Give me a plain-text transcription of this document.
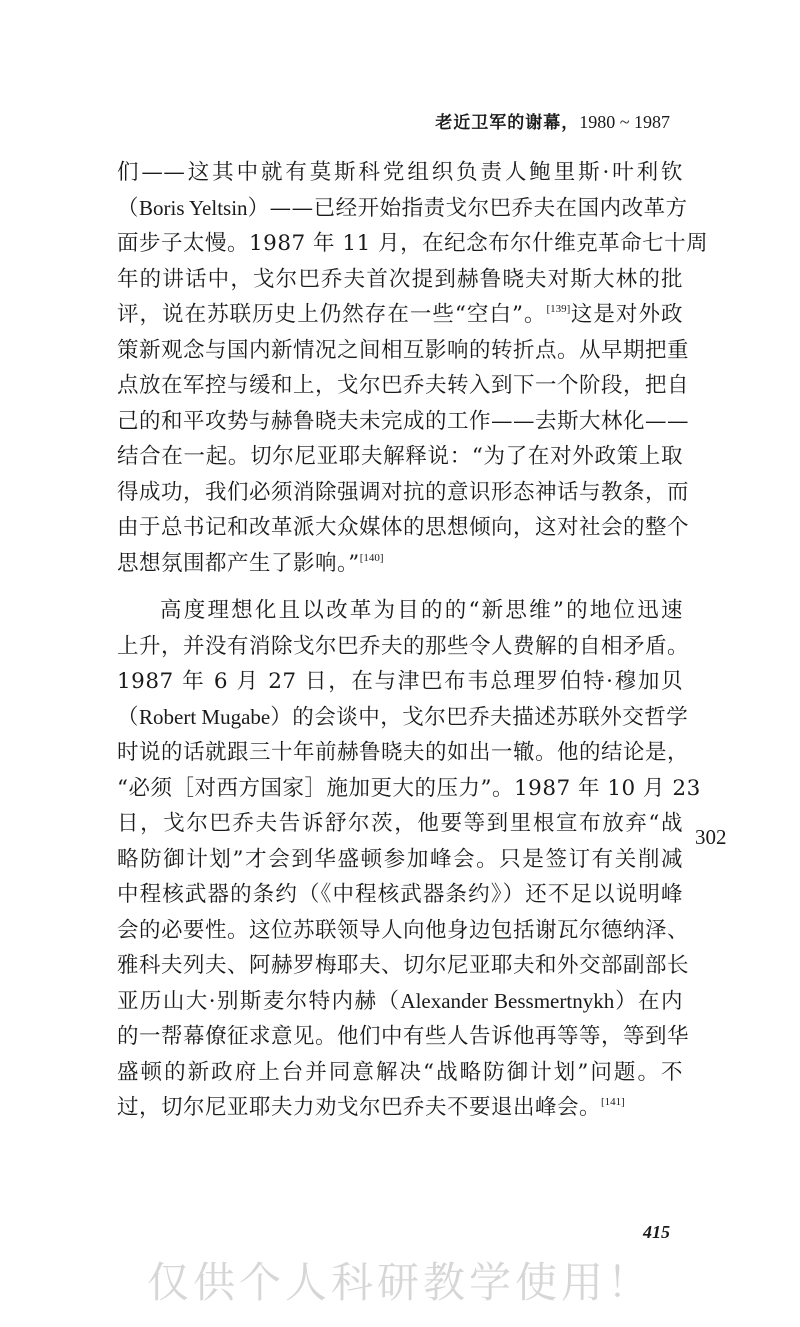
老近卫军的谢幕，1980 ~ 1987
们——这其中就有莫斯科党组织负责人鲍里斯·叶利钦
（Boris Yeltsin）——已经开始指责戈尔巴乔夫在国内改革方
面步子太慢。1987 年 11 月，在纪念布尔什维克革命七十周
年的讲话中，戈尔巴乔夫首次提到赫鲁晓夫对斯大林的批
评，说在苏联历史上仍然存在一些“空白”。[139]这是对外政
策新观念与国内新情况之间相互影响的转折点。从早期把重
点放在军控与缓和上，戈尔巴乔夫转入到下一个阶段，把自
己的和平攻势与赫鲁晓夫未完成的工作——去斯大林化——
结合在一起。切尔尼亚耶夫解释说：“为了在对外政策上取
得成功，我们必须消除强调对抗的意识形态神话与教条，而
由于总书记和改革派大众媒体的思想倾向，这对社会的整个
思想氛围都产生了影响。”[140]
高度理想化且以改革为目的的“新思维”的地位迅速
上升，并没有消除戈尔巴乔夫的那些令人费解的自相矛盾。
1987 年 6 月 27 日，在与津巴布韦总理罗伯特·穆加贝
（Robert Mugabe）的会谈中，戈尔巴乔夫描述苏联外交哲学
时说的话就跟三十年前赫鲁晓夫的如出一辙。他的结论是，
“必须［对西方国家］施加更大的压力”。1987 年 10 月 23
日，戈尔巴乔夫告诉舒尔茨，他要等到里根宣布放弃“战
略防御计划”才会到华盛顿参加峰会。只是签订有关削减
中程核武器的条约（《中程核武器条约》）还不足以说明峰
会的必要性。这位苏联领导人向他身边包括谢瓦尔德纳泽、
雅科夫列夫、阿赫罗梅耶夫、切尔尼亚耶夫和外交部副部长
亚历山大·别斯麦尔特内赫（Alexander Bessmertnykh）在内
的一帮幕僚征求意见。他们中有些人告诉他再等等，等到华
盛顿的新政府上台并同意解决“战略防御计划”问题。不
过，切尔尼亚耶夫力劝戈尔巴乔夫不要退出峰会。[141]
302
415
仅供个人科研教学使用！
